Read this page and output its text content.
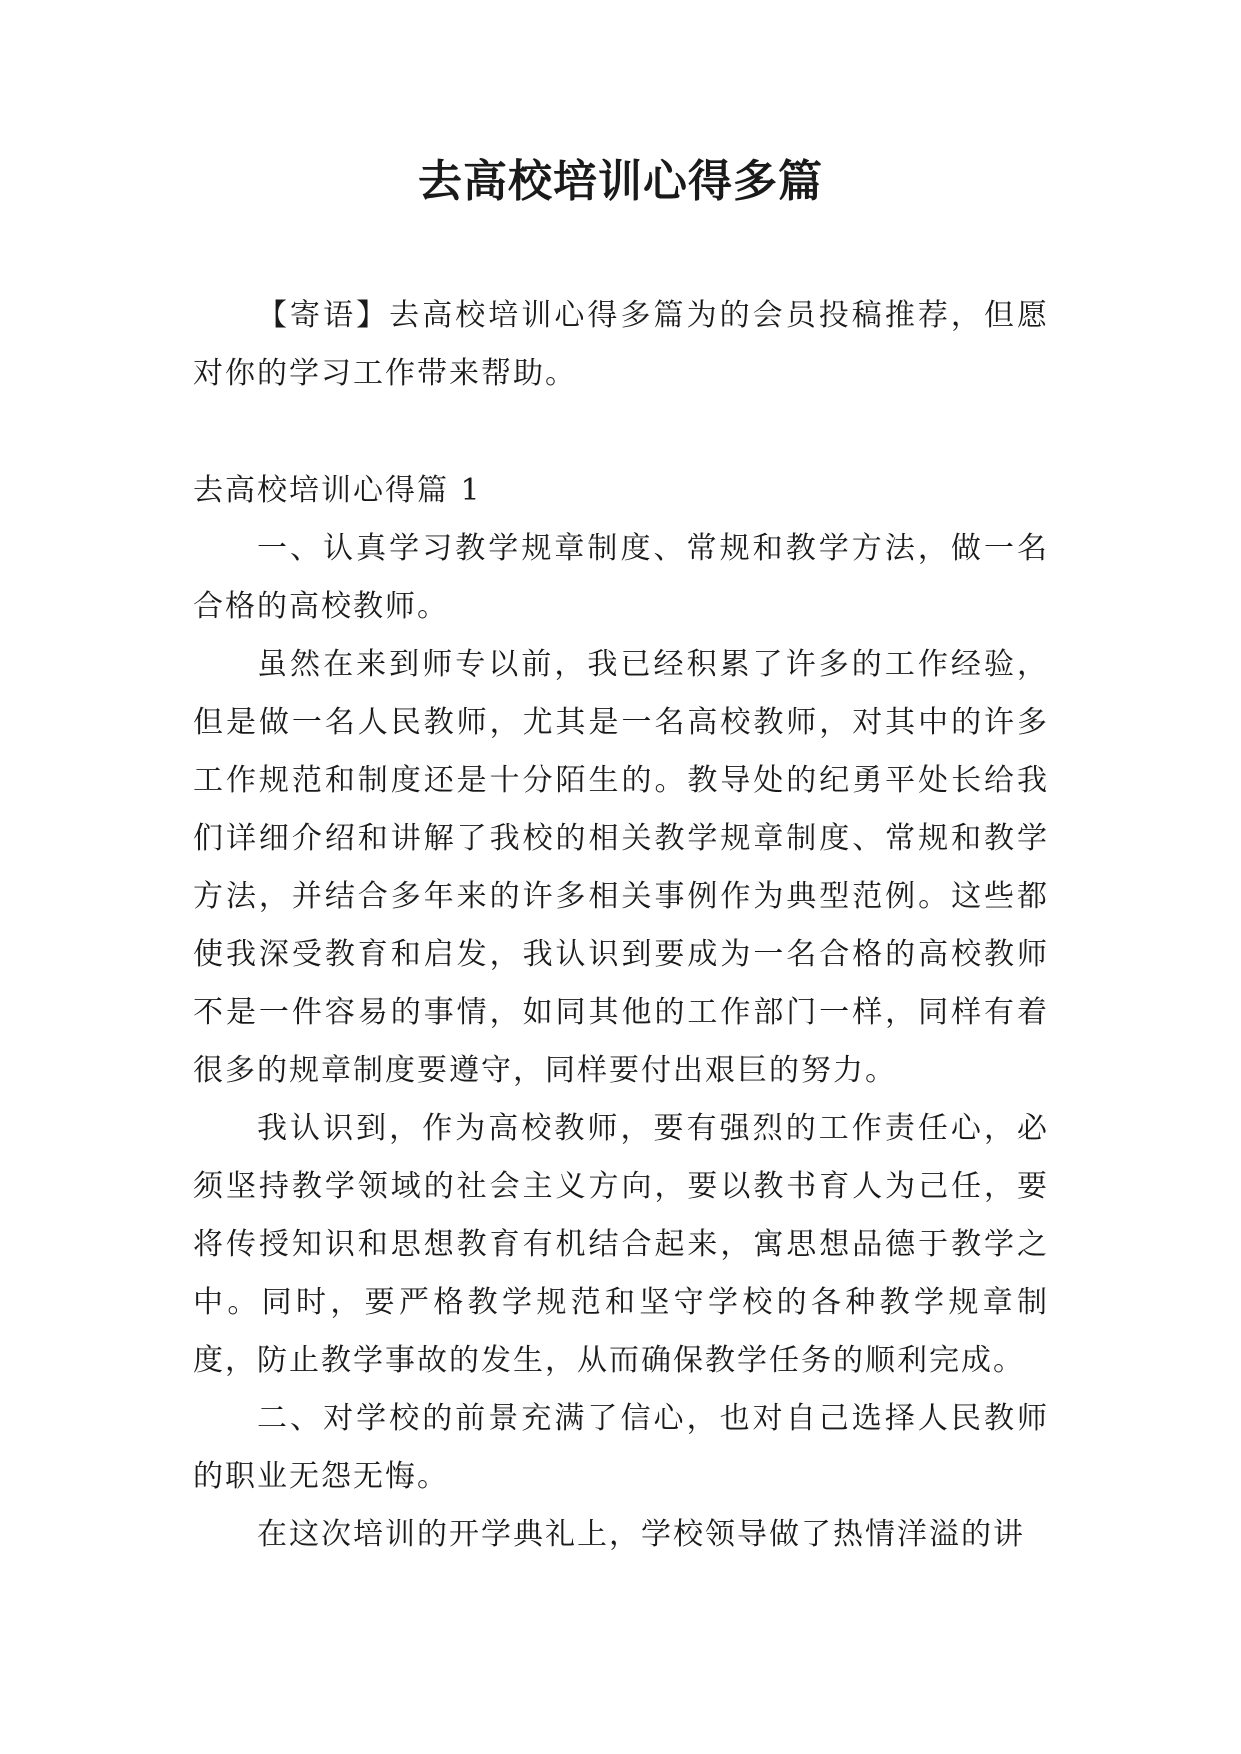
去高校培训心得多篇

【寄语】去高校培训心得多篇为的会员投稿推荐，但愿对你的学习工作带来帮助。

去高校培训心得篇 1

一、认真学习教学规章制度、常规和教学方法，做一名合格的高校教师。

虽然在来到师专以前，我已经积累了许多的工作经验，但是做一名人民教师，尤其是一名高校教师，对其中的许多工作规范和制度还是十分陌生的。教导处的纪勇平处长给我们详细介绍和讲解了我校的相关教学规章制度、常规和教学方法，并结合多年来的许多相关事例作为典型范例。这些都使我深受教育和启发，我认识到要成为一名合格的高校教师不是一件容易的事情，如同其他的工作部门一样，同样有着很多的规章制度要遵守，同样要付出艰巨的努力。

我认识到，作为高校教师，要有强烈的工作责任心，必须坚持教学领域的社会主义方向，要以教书育人为己任，要将传授知识和思想教育有机结合起来，寓思想品德于教学之中。同时，要严格教学规范和坚守学校的各种教学规章制度，防止教学事故的发生，从而确保教学任务的顺利完成。

二、对学校的前景充满了信心，也对自己选择人民教师的职业无怨无悔。

在这次培训的开学典礼上，学校领导做了热情洋溢的讲
